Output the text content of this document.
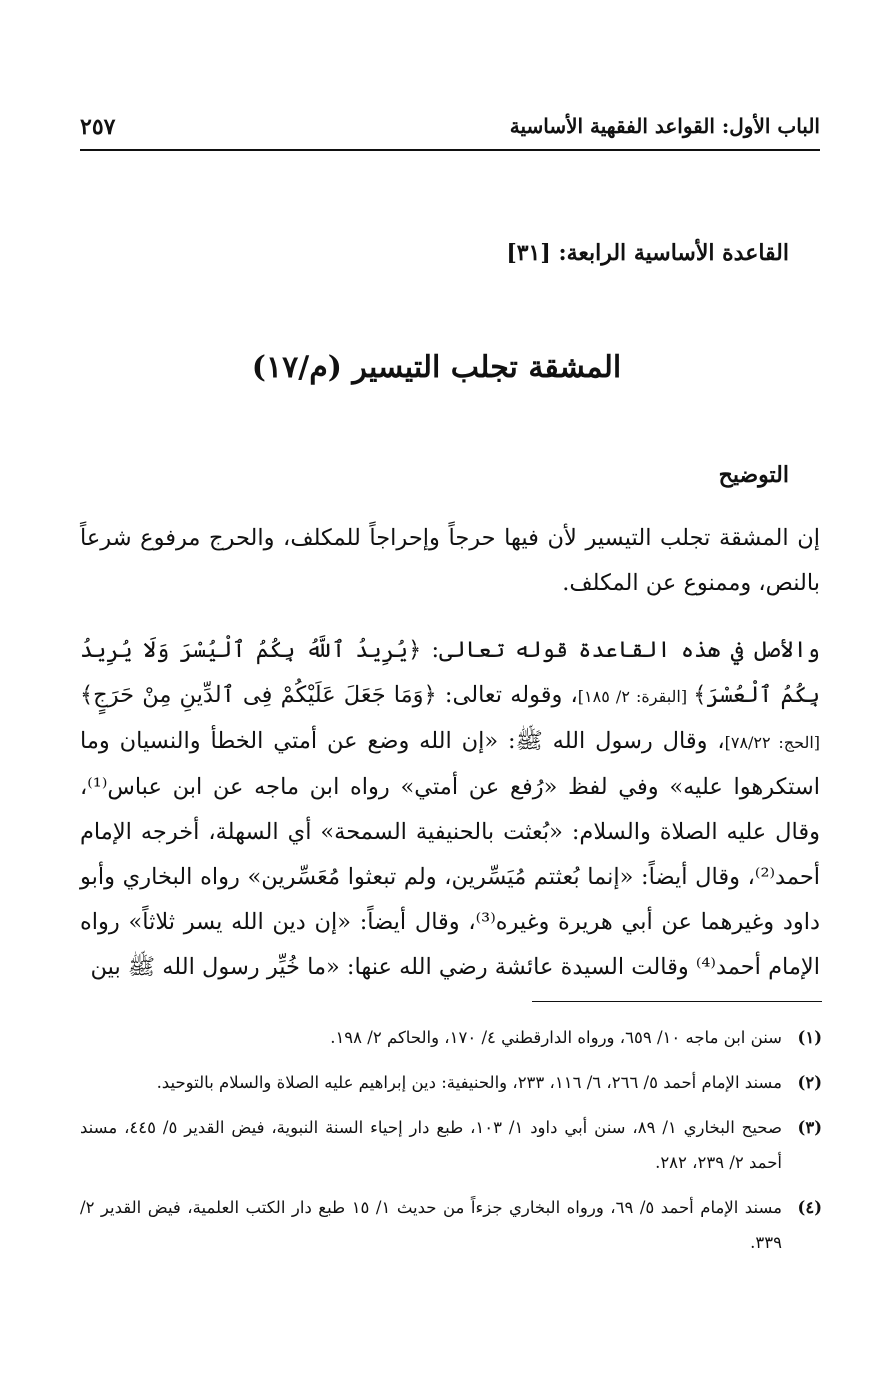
الباب الأول: القواعد الفقهية الأساسية
٢٥٧
القاعدة الأساسية الرابعة: [٣١]
المشقة تجلب التيسير (م/١٧)
التوضيح

إن المشقة تجلب التيسير لأن فيها حرجاً وإحراجاً للمكلف، والحرج مرفوع شرعاً بالنص، وممنوع عن المكلف.

والأصل في هذه القاعدة قوله تعالى: ﴿يُرِيدُ ٱللَّهُ بِكُمُ ٱلْيُسْرَ وَلَا يُرِيدُ بِكُمُ ٱلْعُسْرَ﴾ [البقرة: ٢/ ١٨٥]، وقوله تعالى: ﴿وَمَا جَعَلَ عَلَيْكُمْ فِى ٱلدِّينِ مِنْ حَرَجٍ﴾ [الحج: ٧٨/٢٢]، وقال رسول الله ﷺ: «إن الله وضع عن أمتي الخطأ والنسيان وما استكرهوا عليه» وفي لفظ «رُفع عن أمتي» رواه ابن ماجه عن ابن عباس⁽¹⁾، وقال عليه الصلاة والسلام: «بُعثت بالحنيفية السمحة» أي السهلة، أخرجه الإمام أحمد⁽²⁾، وقال أيضاً: «إنما بُعثتم مُيَسِّرين، ولم تبعثوا مُعَسِّرين» رواه البخاري وأبو داود وغيرهما عن أبي هريرة وغيره⁽³⁾، وقال أيضاً: «إن دين الله يسر ثلاثاً» رواه الإمام أحمد⁽⁴⁾ وقالت السيدة عائشة رضي الله عنها: «ما خُيِّر رسول الله ﷺ بين

(١)
سنن ابن ماجه ١٠/ ٦٥٩، ورواه الدارقطني ٤/ ١٧٠، والحاكم ٢/ ١٩٨.
(٢)
مسند الإمام أحمد ٥/ ٢٦٦، ٦/ ١١٦، ٢٣٣، والحنيفية: دين إبراهيم عليه الصلاة والسلام بالتوحيد.
(٣)
صحيح البخاري ١/ ٨٩، سنن أبي داود ١/ ١٠٣، طبع دار إحياء السنة النبوية، فيض القدير ٥/ ٤٤٥، مسند أحمد ٢/ ٢٣٩، ٢٨٢.
(٤)
مسند الإمام أحمد ٥/ ٦٩، ورواه البخاري جزءاً من حديث ١/ ١٥ طبع دار الكتب العلمية، فيض القدير ٢/ ٣٣٩.
